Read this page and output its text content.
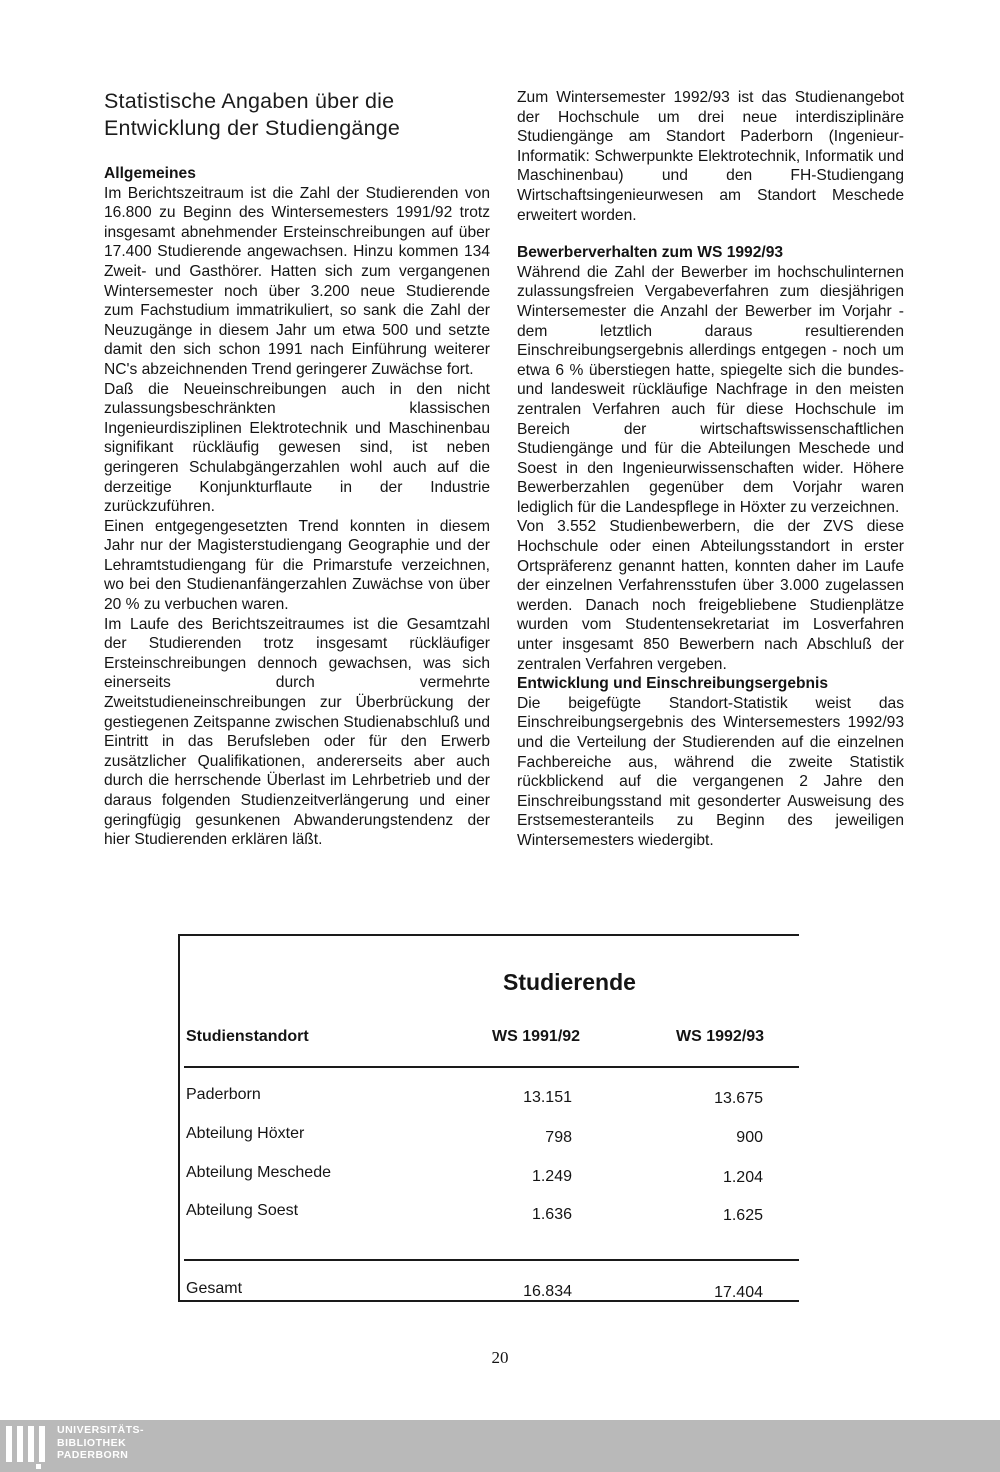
Statistische Angaben über die Entwicklung der Studiengänge
Allgemeines

Im Berichtszeitraum ist die Zahl der Studierenden von 16.800 zu Beginn des Wintersemesters 1991/92 trotz insgesamt abnehmender Ersteinschreibungen auf über 17.400 Studierende angewachsen. Hinzu kommen 134 Zweit- und Gasthörer. Hatten sich zum vergangenen Wintersemester noch über 3.200 neue Studierende zum Fachstudium immatrikuliert, so sank die Zahl der Neuzugänge in diesem Jahr um etwa 500 und setzte damit den sich schon 1991 nach Einführung weiterer NC's abzeichnenden Trend geringerer Zuwächse fort.

Daß die Neueinschreibungen auch in den nicht zulassungsbeschränkten klassischen Ingenieurdisziplinen Elektrotechnik und Maschinenbau signifikant rückläufig gewesen sind, ist neben geringeren Schulabgängerzahlen wohl auch auf die derzeitige Konjunkturflaute in der Industrie zurückzuführen.

Einen entgegengesetzten Trend konnten in diesem Jahr nur der Magisterstudiengang Geographie und der Lehramtstudiengang für die Primarstufe verzeichnen, wo bei den Studienanfängerzahlen Zuwächse von über 20 % zu verbuchen waren.

Im Laufe des Berichtszeitraumes ist die Gesamtzahl der Studierenden trotz insgesamt rückläufiger Ersteinschreibungen dennoch gewachsen, was sich einerseits durch vermehrte Zweitstudieneinschreibungen zur Überbrückung der gestiegenen Zeitspanne zwischen Studienabschluß und Eintritt in das Berufsleben oder für den Erwerb zusätzlicher Qualifikationen, andererseits aber auch durch die herrschende Überlast im Lehrbetrieb und der daraus folgenden Studienzeitverlängerung und einer geringfügig gesunkenen Abwanderungstendenz der hier Studierenden erklären läßt.

Zum Wintersemester 1992/93 ist das Studienangebot der Hochschule um drei neue interdisziplinäre Studiengänge am Standort Paderborn (Ingenieur-Informatik: Schwerpunkte Elektrotechnik, Informatik und Maschinenbau) und den FH-Studiengang Wirtschaftsingenieurwesen am Standort Meschede erweitert worden.

Bewerberverhalten zum WS 1992/93

Während die Zahl der Bewerber im hochschulinternen zulassungsfreien Vergabeverfahren zum diesjährigen Wintersemester die Anzahl der Bewerber im Vorjahr - dem letztlich daraus resultierenden Einschreibungsergebnis allerdings entgegen - noch um etwa 6 % überstiegen hatte, spiegelte sich die bundes- und landesweit rückläufige Nachfrage in den meisten zentralen Verfahren auch für diese Hochschule im Bereich der wirtschaftswissenschaftlichen Studiengänge und für die Abteilungen Meschede und Soest in den Ingenieurwissenschaften wider. Höhere Bewerberzahlen gegenüber dem Vorjahr waren lediglich für die Landespflege in Höxter zu verzeichnen.

Von 3.552 Studienbewerbern, die der ZVS diese Hochschule oder einen Abteilungsstandort in erster Ortspräferenz genannt hatten, konnten daher im Laufe der einzelnen Verfahrensstufen über 3.000 zugelassen werden. Danach noch freigebliebene Studienplätze wurden vom Studentensekretariat im Losverfahren unter insgesamt 850 Bewerbern nach Abschluß der zentralen Verfahren vergeben.

Entwicklung und Einschreibungsergebnis

Die beigefügte Standort-Statistik weist das Einschreibungsergebnis des Wintersemesters 1992/93 und die Verteilung der Studierenden auf die einzelnen Fachbereiche aus, während die zweite Statistik rückblickend auf die vergangenen 2 Jahre den Einschreibungsstand mit gesonderter Ausweisung des Erstsemesteranteils zu Beginn des jeweiligen Wintersemesters wiedergibt.

Studierende
Studienstandort	WS 1991/92	WS 1992/93
Paderborn	13.151	13.675
Abteilung Höxter	798	900
Abteilung Meschede	1.249	1.204
Abteilung Soest	1.636	1.625
Gesamt	16.834	17.404
20
UNIVERSITÄTS-
BIBLIOTHEK
PADERBORN
